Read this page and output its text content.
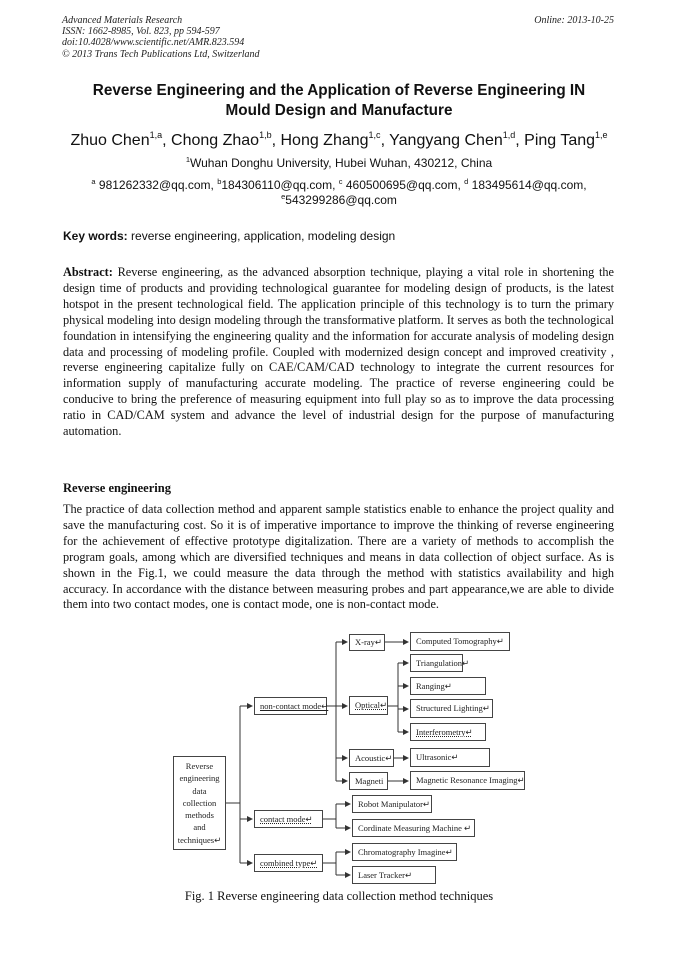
Advanced Materials Research
ISSN: 1662-8985, Vol. 823, pp 594-597
doi:10.4028/www.scientific.net/AMR.823.594
© 2013 Trans Tech Publications Ltd, Switzerland
Online: 2013-10-25
Reverse Engineering and the Application of Reverse Engineering IN
Mould Design and Manufacture
Zhuo Chen$^{1,a}$, Chong Zhao$^{1,b}$, Hong Zhang$^{1,c}$, Yangyang Chen$^{1,d}$, Ping Tang$^{1,e}$
$^1$Wuhan Donghu University, Hubei Wuhan, 430212, China
$^a$ 981262332@qq.com, $^b$184306110@qq.com, $^c$ 460500695@qq.com, $^d$ 183495614@qq.com,
$^e$543299286@qq.com
Key words: reverse engineering, application, modeling design
Abstract: Reverse engineering, as the advanced absorption technique, playing a vital role in shortening the design time of products and providing technological guarantee for modeling design of products, is the latest hotspot in the present technological field. The application principle of this technology is to turn the primary physical modeling into design modeling through the transformative platform. It serves as both the technological foundation in intensifying the engineering quality and the information for accurate analysis of modeling design data and processing of modeling profile. Coupled with modernized design concept and improved creativity , reverse engineering capitalize fully on CAE/CAM/CAD technology to integrate the current resources for information supply of manufacturing accurate modeling. The practice of reverse engineering could be conducive to bring the preference of measuring equipment into full play so as to improve the data processing ratio in CAD/CAM system and advance the level of industrial design for the purpose of manufacturing automation.
Reverse engineering
The practice of data collection method and apparent sample statistics enable to enhance the project quality and save the manufacturing cost. So it is of imperative importance to improve the thinking of reverse engineering for the achievement of effective prototype digitalization. There are a variety of methods to accomplish the program goals, among which are diversified techniques and means in data collection of object surface. As is shown in the Fig.1, we could measure the data through the method with statistics availability and high accuracy. In accordance with the distance between measuring probes and part appearance,we are able to divide them into two contact modes, one is contact mode, one is non-contact mode.
Reverse
engineering
data
collection
methods
and
techniques↵
non-contact mode↵
contact mode↵
combined type↵
X-ray↵
Optical↵
Acoustic↵
Magneti
Computed Tomography↵
Triangulation↵
Ranging↵
Structured Lighting↵
Interferometry↵
Ultrasonic↵
Magnetic Resonance Imaging↵
Robot Manipulator↵
Cordinate Measuring Machine ↵
Chromatography Imagine↵
Laser Tracker↵
Fig. 1 Reverse engineering data collection method techniques
